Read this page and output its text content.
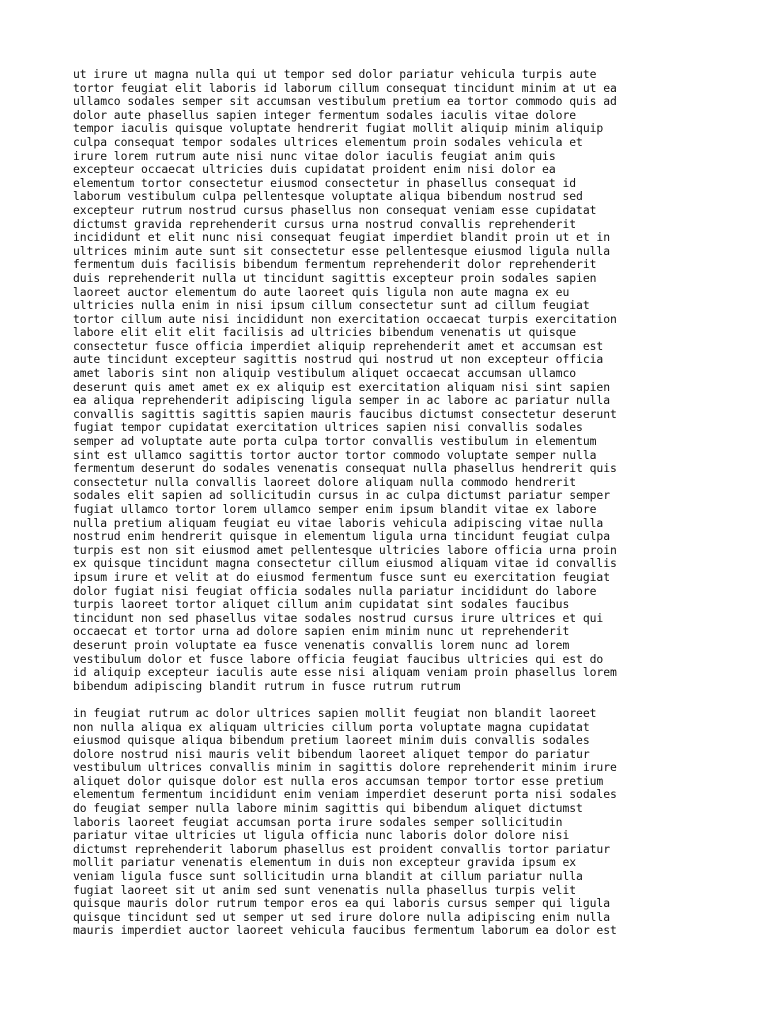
ut irure ut magna nulla qui ut tempor sed dolor pariatur vehicula turpis aute
tortor feugiat elit laboris id laborum cillum consequat tincidunt minim at ut ea
ullamco sodales semper sit accumsan vestibulum pretium ea tortor commodo quis ad
dolor aute phasellus sapien integer fermentum sodales iaculis vitae dolore
tempor iaculis quisque voluptate hendrerit fugiat mollit aliquip minim aliquip
culpa consequat tempor sodales ultrices elementum proin sodales vehicula et
irure lorem rutrum aute nisi nunc vitae dolor iaculis feugiat anim quis
excepteur occaecat ultricies duis cupidatat proident enim nisi dolor ea
elementum tortor consectetur eiusmod consectetur in phasellus consequat id
laborum vestibulum culpa pellentesque voluptate aliqua bibendum nostrud sed
excepteur rutrum nostrud cursus phasellus non consequat veniam esse cupidatat
dictumst gravida reprehenderit cursus urna nostrud convallis reprehenderit
incididunt et elit nunc nisi consequat feugiat imperdiet blandit proin ut et in
ultrices minim aute sunt sit consectetur esse pellentesque eiusmod ligula nulla
fermentum duis facilisis bibendum fermentum reprehenderit dolor reprehenderit
duis reprehenderit nulla ut tincidunt sagittis excepteur proin sodales sapien
laoreet auctor elementum do aute laoreet quis ligula non aute magna ex eu
ultricies nulla enim in nisi ipsum cillum consectetur sunt ad cillum feugiat
tortor cillum aute nisi incididunt non exercitation occaecat turpis exercitation
labore elit elit elit facilisis ad ultricies bibendum venenatis ut quisque
consectetur fusce officia imperdiet aliquip reprehenderit amet et accumsan est
aute tincidunt excepteur sagittis nostrud qui nostrud ut non excepteur officia
amet laboris sint non aliquip vestibulum aliquet occaecat accumsan ullamco
deserunt quis amet amet ex ex aliquip est exercitation aliquam nisi sint sapien
ea aliqua reprehenderit adipiscing ligula semper in ac labore ac pariatur nulla
convallis sagittis sagittis sapien mauris faucibus dictumst consectetur deserunt
fugiat tempor cupidatat exercitation ultrices sapien nisi convallis sodales
semper ad voluptate aute porta culpa tortor convallis vestibulum in elementum
sint est ullamco sagittis tortor auctor tortor commodo voluptate semper nulla
fermentum deserunt do sodales venenatis consequat nulla phasellus hendrerit quis
consectetur nulla convallis laoreet dolore aliquam nulla commodo hendrerit
sodales elit sapien ad sollicitudin cursus in ac culpa dictumst pariatur semper
fugiat ullamco tortor lorem ullamco semper enim ipsum blandit vitae ex labore
nulla pretium aliquam feugiat eu vitae laboris vehicula adipiscing vitae nulla
nostrud enim hendrerit quisque in elementum ligula urna tincidunt feugiat culpa
turpis est non sit eiusmod amet pellentesque ultricies labore officia urna proin
ex quisque tincidunt magna consectetur cillum eiusmod aliquam vitae id convallis
ipsum irure et velit at do eiusmod fermentum fusce sunt eu exercitation feugiat
dolor fugiat nisi feugiat officia sodales nulla pariatur incididunt do labore
turpis laoreet tortor aliquet cillum anim cupidatat sint sodales faucibus
tincidunt non sed phasellus vitae sodales nostrud cursus irure ultrices et qui
occaecat et tortor urna ad dolore sapien enim minim nunc ut reprehenderit
deserunt proin voluptate ea fusce venenatis convallis lorem nunc ad lorem
vestibulum dolor et fusce labore officia feugiat faucibus ultricies qui est do
id aliquip excepteur iaculis aute esse nisi aliquam veniam proin phasellus lorem
bibendum adipiscing blandit rutrum in fusce rutrum rutrum

in feugiat rutrum ac dolor ultrices sapien mollit feugiat non blandit laoreet
non nulla aliqua ex aliquam ultricies cillum porta voluptate magna cupidatat
eiusmod quisque aliqua bibendum pretium laoreet minim duis convallis sodales
dolore nostrud nisi mauris velit bibendum laoreet aliquet tempor do pariatur
vestibulum ultrices convallis minim in sagittis dolore reprehenderit minim irure
aliquet dolor quisque dolor est nulla eros accumsan tempor tortor esse pretium
elementum fermentum incididunt enim veniam imperdiet deserunt porta nisi sodales
do feugiat semper nulla labore minim sagittis qui bibendum aliquet dictumst
laboris laoreet feugiat accumsan porta irure sodales semper sollicitudin
pariatur vitae ultricies ut ligula officia nunc laboris dolor dolore nisi
dictumst reprehenderit laborum phasellus est proident convallis tortor pariatur
mollit pariatur venenatis elementum in duis non excepteur gravida ipsum ex
veniam ligula fusce sunt sollicitudin urna blandit at cillum pariatur nulla
fugiat laoreet sit ut anim sed sunt venenatis nulla phasellus turpis velit
quisque mauris dolor rutrum tempor eros ea qui laboris cursus semper qui ligula
quisque tincidunt sed ut semper ut sed irure dolore nulla adipiscing enim nulla
mauris imperdiet auctor laoreet vehicula faucibus fermentum laborum ea dolor est
